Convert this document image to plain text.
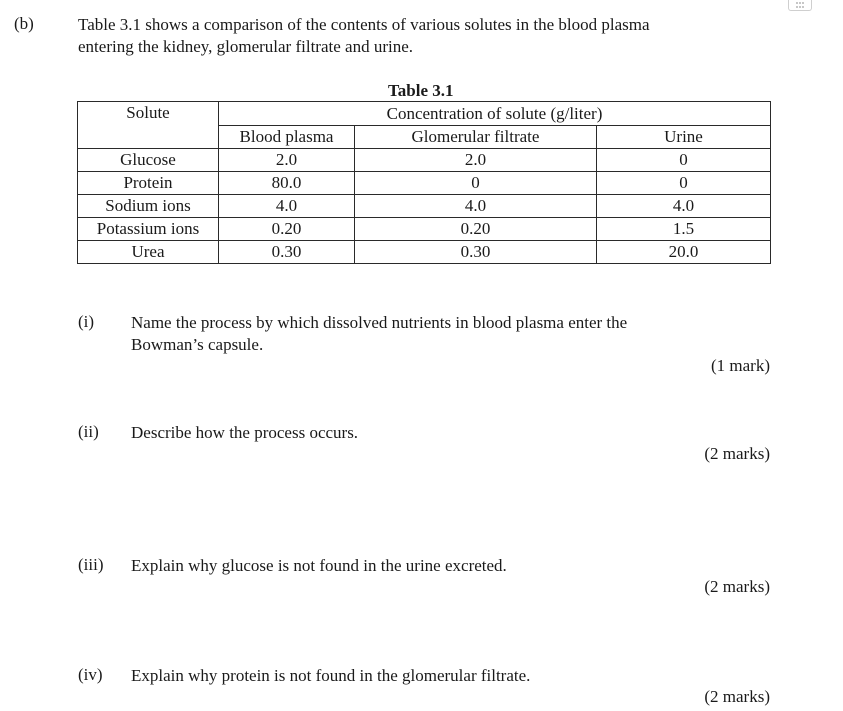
(b)	Table 3.1 shows a comparison of the contents of various solutes in the blood plasma
entering the kidney, glomerular filtrate and urine.
Table 3.1
Solute	Concentration of solute (g/liter)		
	Blood plasma	Glomerular filtrate	Urine
Glucose	2.0	2.0	0
Protein	80.0	0	0
Sodium ions	4.0	4.0	4.0
Potassium ions	0.20	0.20	1.5
Urea	0.30	0.30	20.0
(i) Name the process by which dissolved nutrients in blood plasma enter the
Bowman’s capsule.
(1 mark)
(ii) Describe how the process occurs.
(2 marks)
(iii) Explain why glucose is not found in the urine excreted.
(2 marks)
(iv) Explain why protein is not found in the glomerular filtrate.
(2 marks)
